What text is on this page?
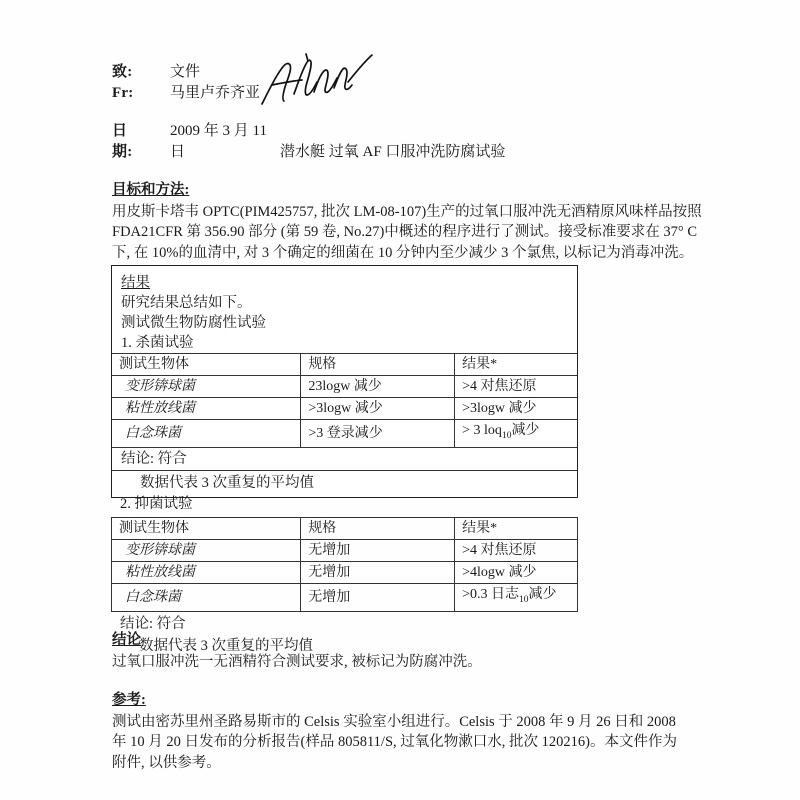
致:	文件
Fr:	马里卢乔齐亚
日	2009 年 3 月 11
期:	日	潜水艇 过氧 AF 口服冲洗防腐试验
目标和方法:
用皮斯卡塔韦 OPTC(PIM425757, 批次 LM-08-107)生产的过氧口服冲洗无酒精原风味样品按照
FDA21CFR 第 356.90 部分 (第 59 卷, No.27)中概述的程序进行了测试。接受标准要求在 37° C
下, 在 10%的血清中, 对 3 个确定的细菌在 10 分钟内至少减少 3 个氯焦, 以标记为消毒冲洗。
结果
研究结果总结如下。
测试微生物防腐性试验
1. 杀菌试验
测试生物体	规格	结果*
变形锛球菌	23logw 减少	>4 对焦还原
粘性放线菌	>3logw 减少	>3logw 减少
白念珠菌	>3 登录减少	> 3 loq$_{10}$减少
结论: 符合
数据代表 3 次重复的平均值
2. 抑菌试验
测试生物体	规格	结果*
变形锛球菌	无增加	>4 对焦还原
粘性放线菌	无增加	>4logw 减少
白念珠菌	无增加	>0.3 日志$_{10}$减少
结论: 符合
数据代表 3 次重复的平均值
结论
过氧口服冲洗一无酒精符合测试要求, 被标记为防腐冲洗。
参考:
测试由密苏里州圣路易斯市的 Celsis 实验室小组进行。Celsis 于 2008 年 9 月 26 日和 2008
年 10 月 20 日发布的分析报告(样品 805811/S, 过氧化物漱口水, 批次 120216)。本文件作为
附件, 以供参考。
